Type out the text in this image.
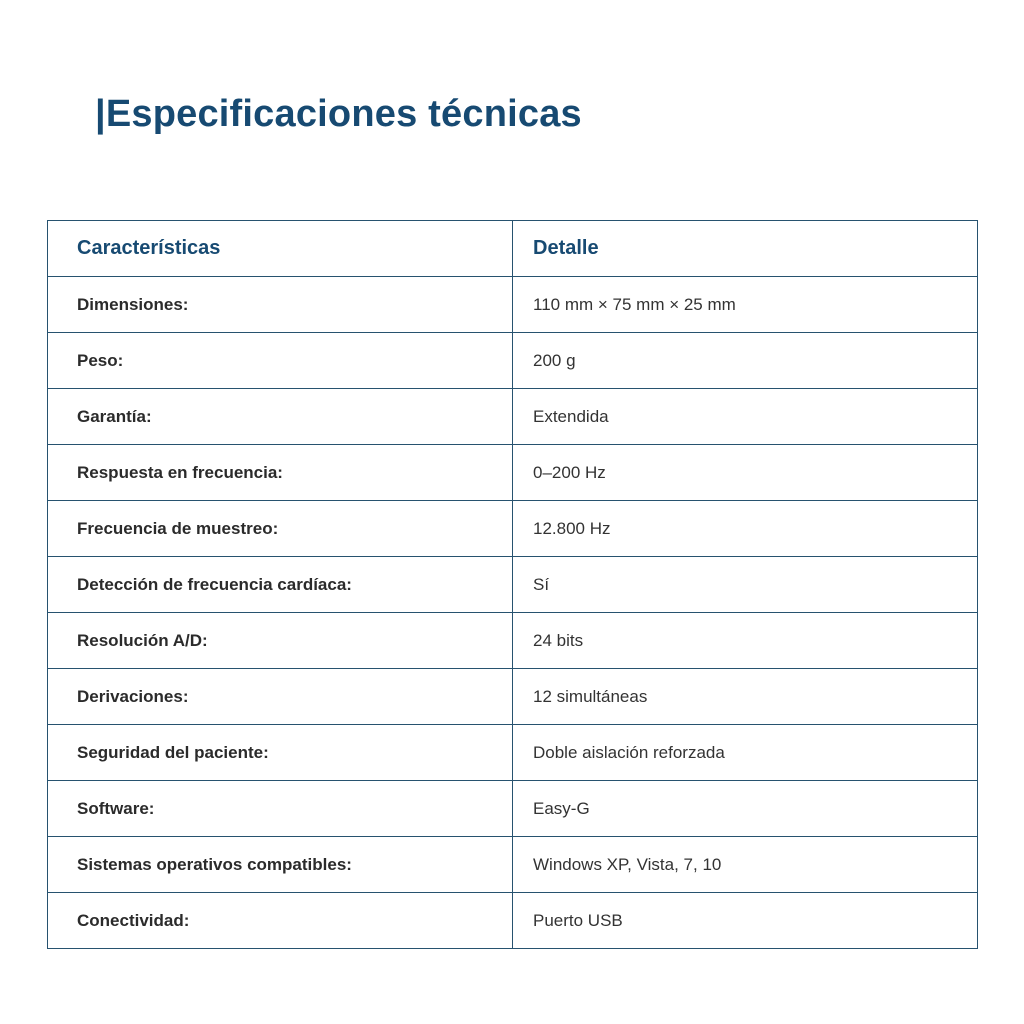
|Especificaciones técnicas
Características	Detalle
Dimensiones:	110 mm × 75 mm × 25 mm
Peso:	200 g
Garantía:	Extendida
Respuesta en frecuencia:	0–200 Hz
Frecuencia de muestreo:	12.800 Hz
Detección de frecuencia cardíaca:	Sí
Resolución A/D:	24 bits
Derivaciones:	12 simultáneas
Seguridad del paciente:	Doble aislación reforzada
Software:	Easy-G
Sistemas operativos compatibles:	Windows XP, Vista, 7, 10
Conectividad:	Puerto USB
